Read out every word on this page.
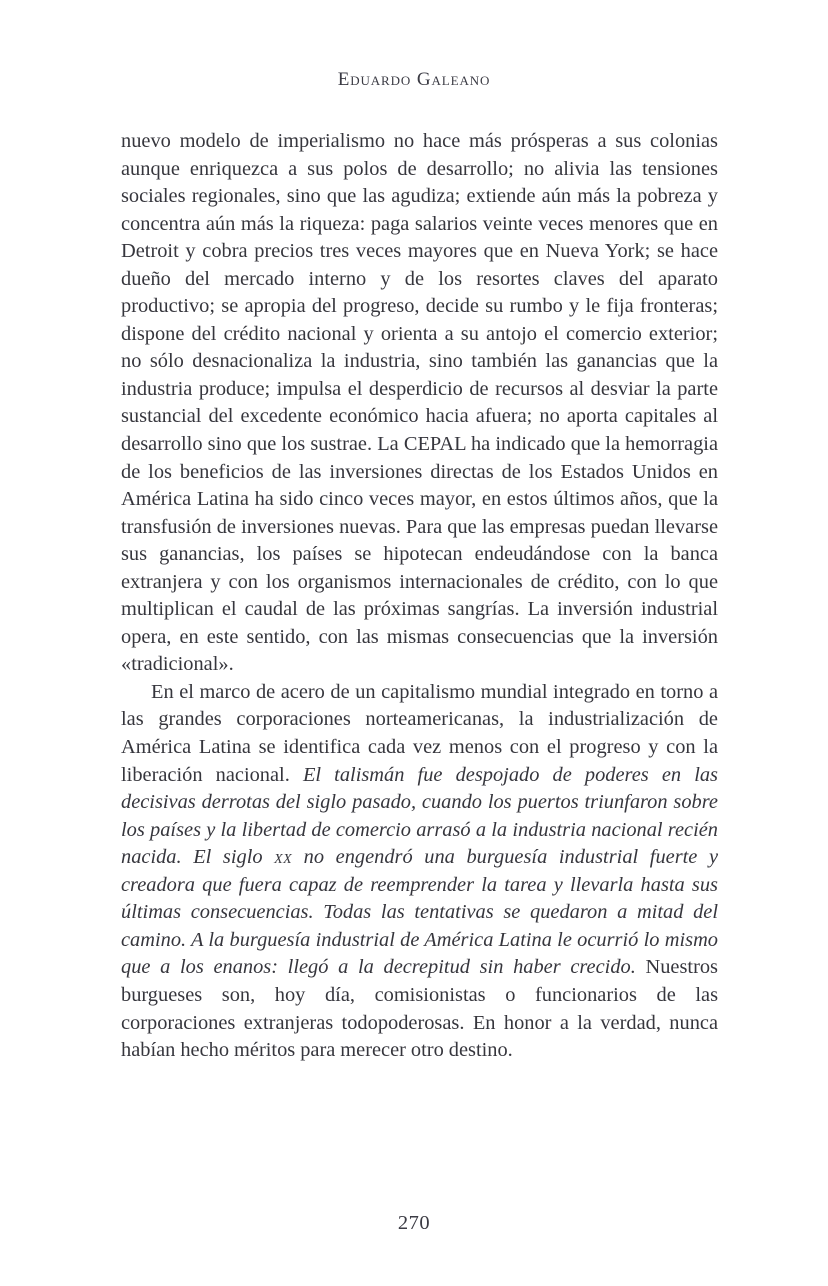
Eduardo Galeano

nuevo modelo de imperialismo no hace más prósperas a sus colonias aunque enriquezca a sus polos de desarrollo; no alivia las tensiones sociales regionales, sino que las agudiza; extiende aún más la pobreza y concentra aún más la riqueza: paga salarios veinte veces menores que en Detroit y cobra precios tres veces mayores que en Nueva York; se hace dueño del mercado interno y de los resortes claves del aparato productivo; se apropia del progreso, decide su rumbo y le fija fronteras; dispone del crédito nacional y orienta a su antojo el comercio exterior; no sólo desnacionaliza la industria, sino también las ganancias que la industria produce; impulsa el desperdicio de recursos al desviar la parte sustancial del excedente económico hacia afuera; no aporta capitales al desarrollo sino que los sustrae. La CEPAL ha indicado que la hemorragia de los beneficios de las inversiones directas de los Estados Unidos en América Latina ha sido cinco veces mayor, en estos últimos años, que la transfusión de inversiones nuevas. Para que las empresas puedan llevarse sus ganancias, los países se hipotecan endeudándose con la banca extranjera y con los organismos internacionales de crédito, con lo que multiplican el caudal de las próximas sangrías. La inversión industrial opera, en este sentido, con las mismas consecuencias que la inversión «tradicional».

En el marco de acero de un capitalismo mundial integrado en torno a las grandes corporaciones norteamericanas, la industrialización de América Latina se identifica cada vez menos con el progreso y con la liberación nacional. El talismán fue despojado de poderes en las decisivas derrotas del siglo pasado, cuando los puertos triunfaron sobre los países y la libertad de comercio arrasó a la industria nacional recién nacida. El siglo xx no engendró una burguesía industrial fuerte y creadora que fuera capaz de reemprender la tarea y llevarla hasta sus últimas consecuencias. Todas las tentativas se quedaron a mitad del camino. A la burguesía industrial de América Latina le ocurrió lo mismo que a los enanos: llegó a la decrepitud sin haber crecido. Nuestros burgueses son, hoy día, comisionistas o funcionarios de las corporaciones extranjeras todopoderosas. En honor a la verdad, nunca habían hecho méritos para merecer otro destino.

270
